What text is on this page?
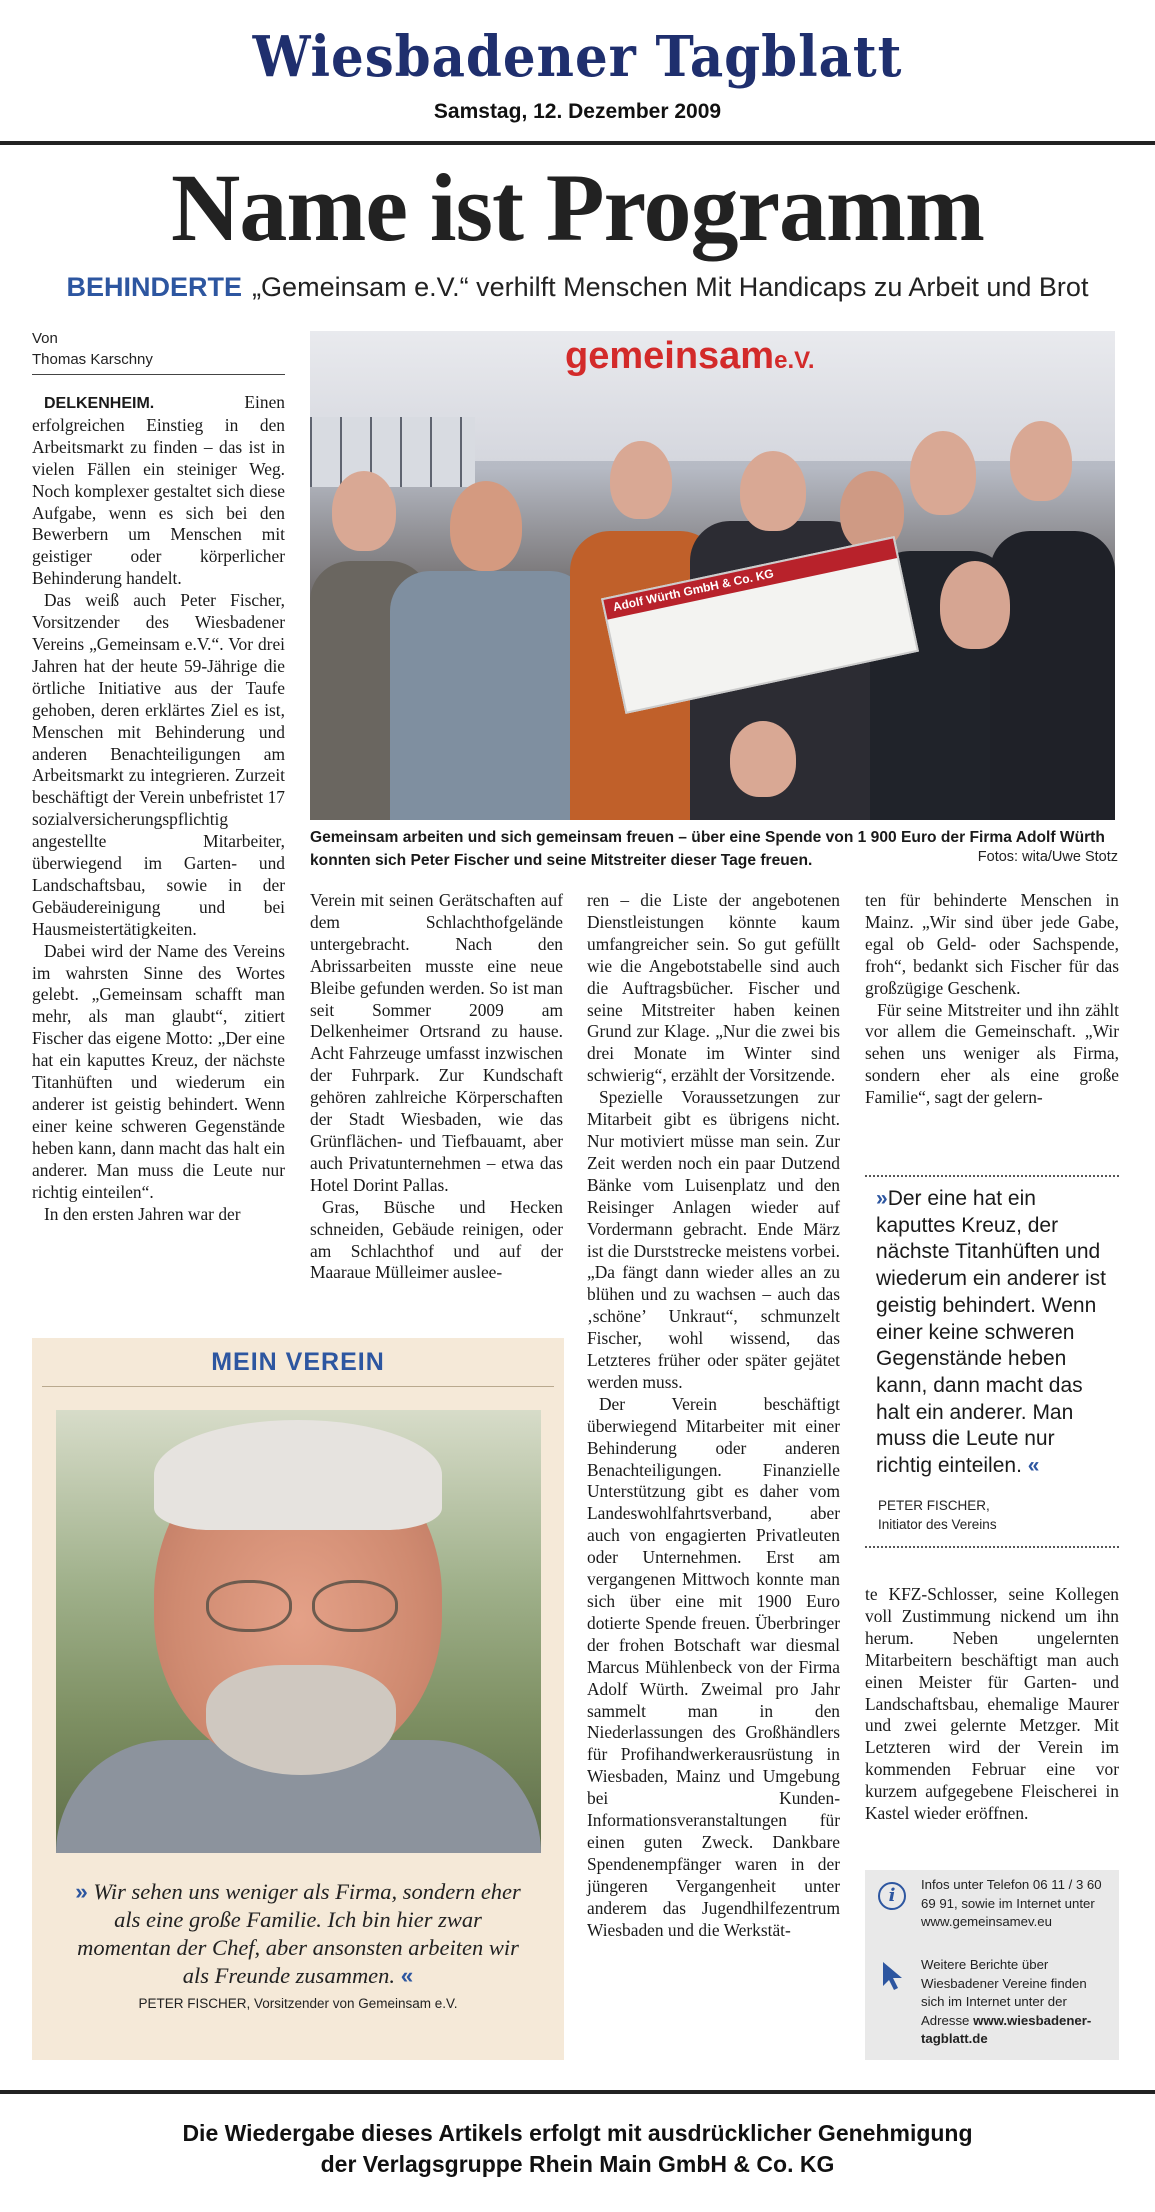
Wiesbadener Tagblatt
Samstag, 12. Dezember 2009
Name ist Programm
BEHINDERTE „Gemeinsam e.V.“ verhilft Menschen Mit Handicaps zu Arbeit und Brot
Von
Thomas Karschny

DELKENHEIM.	Einen erfolgreichen Einstieg in den Arbeitsmarkt zu finden – das ist in vielen Fällen ein steiniger Weg. Noch komplexer gestaltet sich diese Aufgabe, wenn es sich bei den Bewerbern um Menschen mit geistiger oder körperlicher Behinderung handelt.

Das weiß auch Peter Fischer, Vorsitzender des Wiesbadener Vereins „Gemeinsam e.V.“. Vor drei Jahren hat der heute 59-Jährige die örtliche Initiative aus der Taufe gehoben, deren erklärtes Ziel es ist, Menschen mit Behinderung und anderen Benachteiligungen am Arbeitsmarkt zu integrieren. Zurzeit beschäftigt der Verein unbefristet 17 sozialversicherungspflichtig angestellte Mitarbeiter, überwiegend im Garten- und Landschaftsbau, sowie in der Gebäudereinigung und bei Hausmeistertätigkeiten.

Dabei wird der Name des Vereins im wahrsten Sinne des Wortes gelebt. „Gemeinsam schafft man mehr, als man glaubt“, zitiert Fischer das eigene Motto: „Der eine hat ein kaputtes Kreuz, der nächste Titanhüften und wiederum ein anderer ist geistig behindert. Wenn einer keine schweren Gegenstände heben kann, dann macht das halt ein anderer. Man muss die Leute nur richtig einteilen“.

In den ersten Jahren war der

gemeinsame.V.
Adolf Würth GmbH & Co. KG
Gemeinsam arbeiten und sich gemeinsam freuen – über eine Spende von 1 900 Euro der Firma Adolf Würth konnten sich Peter Fischer und seine Mitstreiter dieser Tage freuen.	Fotos: wita/Uwe Stotz

Verein mit seinen Gerätschaften auf dem Schlachthofgelände untergebracht. Nach den Abrissarbeiten musste eine neue Bleibe gefunden werden. So ist man seit Sommer 2009 am Delkenheimer Ortsrand zu hause. Acht Fahrzeuge umfasst inzwischen der Fuhrpark. Zur Kundschaft gehören zahlreiche Körperschaften der Stadt Wiesbaden, wie das Grünflächen- und Tiefbauamt, aber auch Privatunternehmen – etwa das Hotel Dorint Pallas.

Gras, Büsche und Hecken schneiden, Gebäude reinigen, oder am Schlachthof und auf der Maaraue Mülleimer auslee-

ren – die Liste der angebotenen Dienstleistungen könnte kaum umfangreicher sein. So gut gefüllt wie die Angebotstabelle sind auch die Auftragsbücher. Fischer und seine Mitstreiter haben keinen Grund zur Klage. „Nur die zwei bis drei Monate im Winter sind schwierig“, erzählt der Vorsitzende.

Spezielle Voraussetzungen zur Mitarbeit gibt es übrigens nicht. Nur motiviert müsse man sein. Zur Zeit werden noch ein paar Dutzend Bänke vom Luisenplatz und den Reisinger Anlagen wieder auf Vordermann gebracht. Ende März ist die Durststrecke meistens vorbei. „Da fängt dann wieder alles an zu blühen und zu wachsen – auch das ‚schöne’ Unkraut“, schmunzelt Fischer, wohl wissend, das Letzteres früher oder später gejätet werden muss.

Der Verein beschäftigt überwiegend Mitarbeiter mit einer Behinderung oder anderen Benachteiligungen. Finanzielle Unterstützung gibt es daher vom Landeswohlfahrtsverband, aber auch von engagierten Privatleuten oder Unternehmen. Erst am vergangenen Mittwoch konnte man sich über eine mit 1900 Euro dotierte Spende freuen. Überbringer der frohen Botschaft war diesmal Marcus Mühlenbeck von der Firma Adolf Würth. Zweimal pro Jahr sammelt man in den Niederlassungen des Großhändlers für Profihandwerkerausrüstung in Wiesbaden, Mainz und Umgebung bei Kunden-Informationsveranstaltungen für einen guten Zweck. Dankbare Spendenempfänger waren in der jüngeren Vergangenheit unter anderem das Jugendhilfezentrum Wiesbaden und die Werkstät-

ten für behinderte Menschen in Mainz. „Wir sind über jede Gabe, egal ob Geld- oder Sachspende, froh“, bedankt sich Fischer für das großzügige Geschenk.

Für seine Mitstreiter und ihn zählt vor allem die Gemeinschaft. „Wir sehen uns weniger als Firma, sondern eher als eine große Familie“, sagt der gelern-

»Der eine hat ein kaputtes Kreuz, der nächste Titanhüften und wiederum ein anderer ist geistig behindert. Wenn einer keine schweren Gegenstände heben kann, dann macht das halt ein anderer. Man muss die Leute nur richtig einteilen. «
PETER FISCHER,
Initiator des Vereins

te KFZ-Schlosser, seine Kollegen voll Zustimmung nickend um ihn herum. Neben ungelernten Mitarbeitern beschäftigt man auch einen Meister für Garten- und Landschaftsbau, ehemalige Maurer und zwei gelernte Metzger. Mit Letzteren wird der Verein im kommenden Februar eine vor kurzem aufgegebene Fleischerei in Kastel wieder eröffnen.

i
Infos unter Telefon 06 11 / 3 60 69 91, sowie im Internet unter www.gemeinsamev.eu
Weitere Berichte über Wiesbadener Vereine finden sich im Internet unter der Adresse www.wiesbadener-tagblatt.de
MEIN VEREIN
» Wir sehen uns weniger als Firma, sondern eher als eine große Familie. Ich bin hier zwar momentan der Chef, aber ansonsten arbeiten wir als Freunde zusammen. «
PETER FISCHER, Vorsitzender von Gemeinsam e.V.
Die Wiedergabe dieses Artikels erfolgt mit ausdrücklicher Genehmigung
der Verlagsgruppe Rhein Main GmbH & Co. KG
